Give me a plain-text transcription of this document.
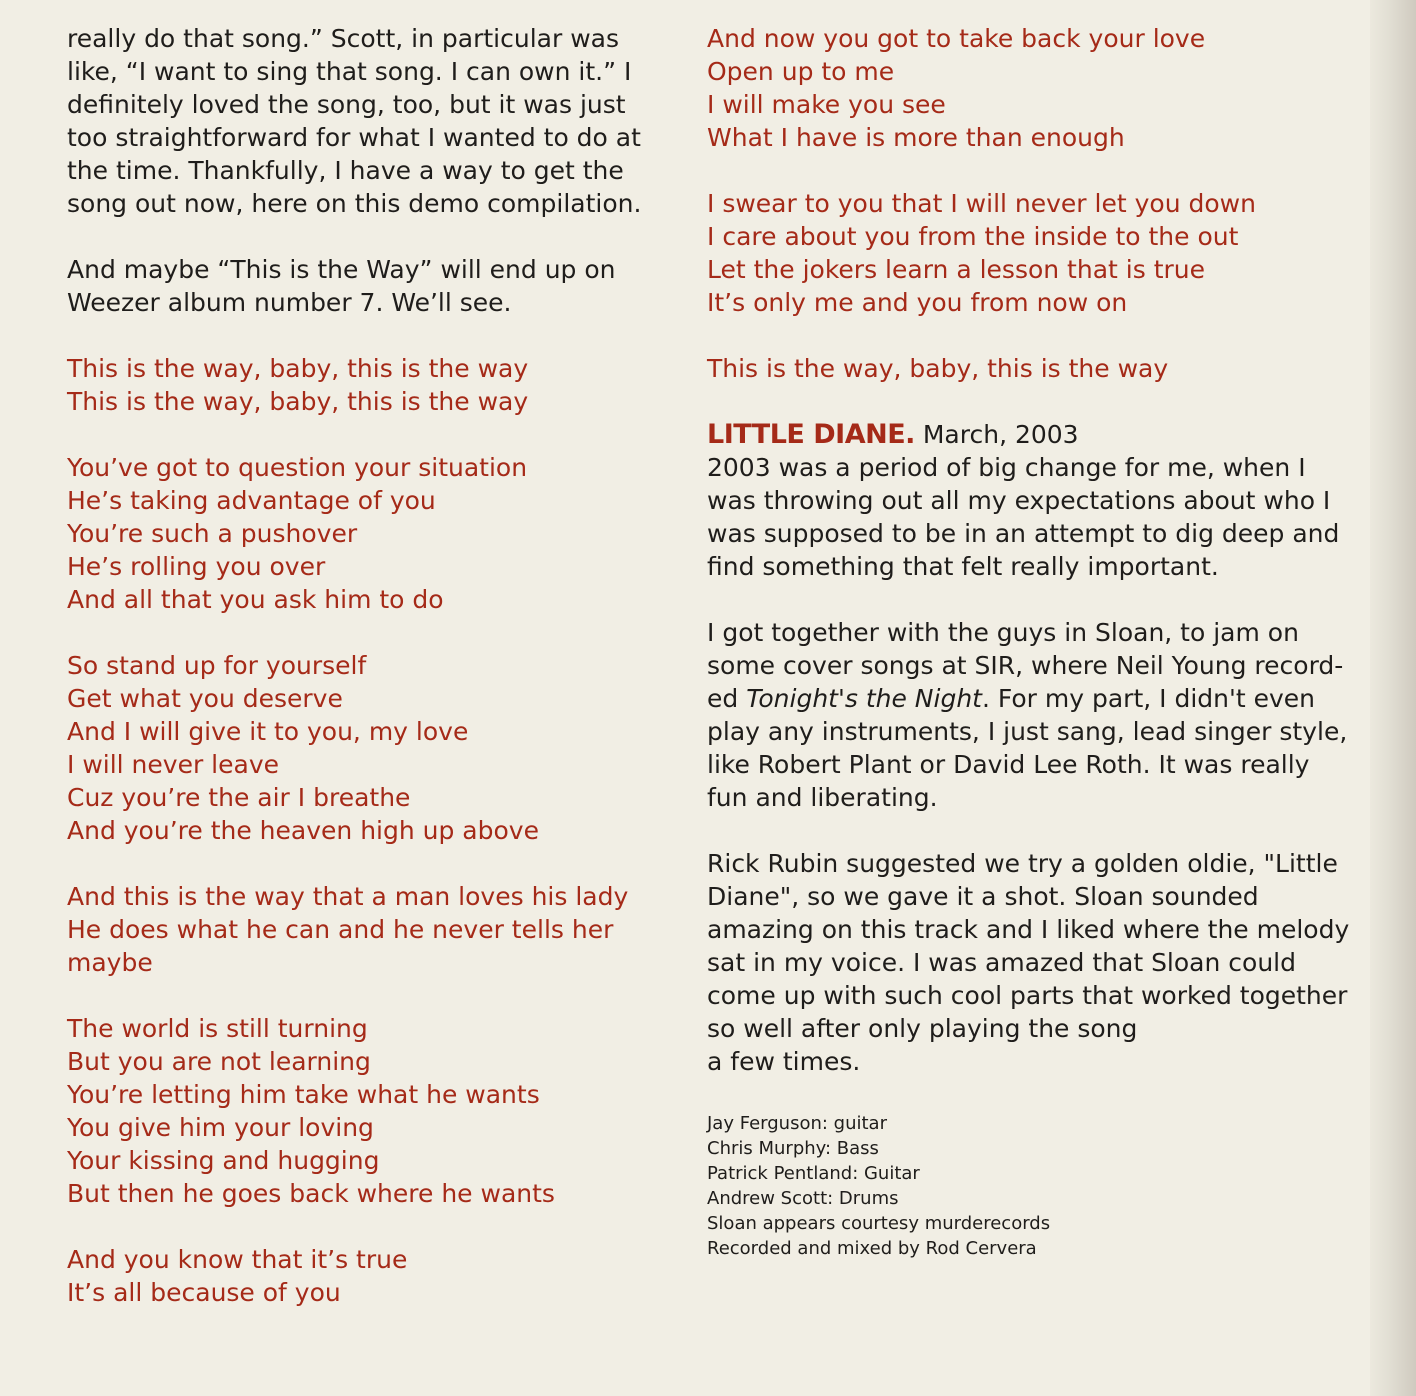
really do that song.” Scott, in particular was
like, “I want to sing that song. I can own it.” I
definitely loved the song, too, but it was just
too straightforward for what I wanted to do at
the time. Thankfully, I have a way to get the
song out now, here on this demo compilation.

And maybe “This is the Way” will end up on
Weezer album number 7. We’ll see.

This is the way, baby, this is the way
This is the way, baby, this is the way
You’ve got to question your situation
He’s taking advantage of you
You’re such a pushover
He’s rolling you over
And all that you ask him to do
So stand up for yourself
Get what you deserve
And I will give it to you, my love
I will never leave
Cuz you’re the air I breathe
And you’re the heaven high up above
And this is the way that a man loves his lady
He does what he can and he never tells her
maybe
The world is still turning
But you are not learning
You’re letting him take what he wants
You give him your loving
Your kissing and hugging
But then he goes back where he wants
And you know that it’s true
It’s all because of you
And now you got to take back your love
Open up to me
I will make you see
What I have is more than enough
I swear to you that I will never let you down
I care about you from the inside to the out
Let the jokers learn a lesson that is true
It’s only me and you from now on
This is the way, baby, this is the way
LITTLE DIANE. March, 2003

2003 was a period of big change for me, when I
was throwing out all my expectations about who I
was supposed to be in an attempt to dig deep and
find something that felt really important.

I got together with the guys in Sloan, to jam on
some cover songs at SIR, where Neil Young record-
ed Tonight's the Night. For my part, I didn't even
play any instruments, I just sang, lead singer style,
like Robert Plant or David Lee Roth. It was really
fun and liberating.

Rick Rubin suggested we try a golden oldie, "Little
Diane", so we gave it a shot. Sloan sounded
amazing on this track and I liked where the melody
sat in my voice. I was amazed that Sloan could
come up with such cool parts that worked together
so well after only playing the song
a few times.

Jay Ferguson: guitar
Chris Murphy: Bass
Patrick Pentland: Guitar
Andrew Scott: Drums
Sloan appears courtesy murderecords
Recorded and mixed by Rod Cervera
